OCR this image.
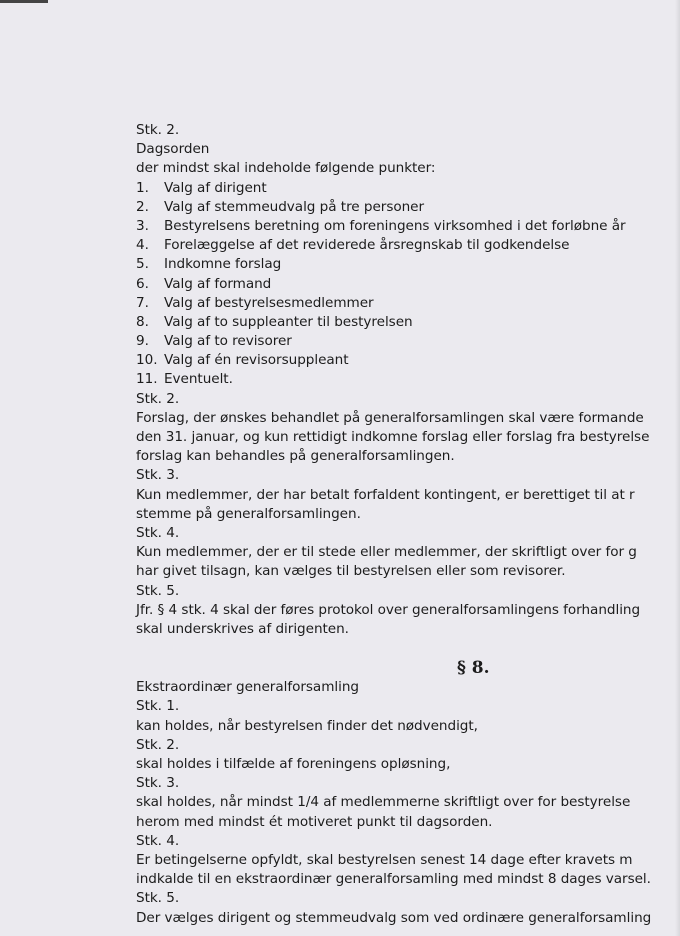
Stk. 2.
Dagsorden
der mindst skal indeholde følgende punkter:
1. Valg af dirigent
2. Valg af stemmeudvalg på tre personer
3. Bestyrelsens beretning om foreningens virksomhed i det forløbne år
4. Forelæggelse af det reviderede årsregnskab til godkendelse
5. Indkomne forslag
6. Valg af formand
7. Valg af bestyrelsesmedlemmer
8. Valg af to suppleanter til bestyrelsen
9. Valg af to revisorer
10. Valg af én revisorsuppleant
11. Eventuelt.
Stk. 2.
Forslag, der ønskes behandlet på generalforsamlingen skal være formande
den 31. januar, og kun rettidigt indkomne forslag eller forslag fra bestyrelse
forslag kan behandles på generalforsamlingen.
Stk. 3.
Kun medlemmer, der har betalt forfaldent kontingent, er berettiget til at r
stemme på generalforsamlingen.
Stk. 4.
Kun medlemmer, der er til stede eller medlemmer, der skriftligt over for g
har givet tilsagn, kan vælges til bestyrelsen eller som revisorer.
Stk. 5.
Jfr. § 4 stk. 4 skal der føres protokol over generalforsamlingens forhandling
skal underskrives af dirigenten.
§ 8.
Ekstraordinær generalforsamling
Stk. 1.
kan holdes, når bestyrelsen finder det nødvendigt,
Stk. 2.
skal holdes i tilfælde af foreningens opløsning,
Stk. 3.
skal holdes, når mindst 1/4 af medlemmerne skriftligt over for bestyrelse
herom med mindst ét motiveret punkt til dagsorden.
Stk. 4.
Er betingelserne opfyldt, skal bestyrelsen senest 14 dage efter kravets m
indkalde til en ekstraordinær generalforsamling med mindst 8 dages varsel.
Stk. 5.
Der vælges dirigent og stemmeudvalg som ved ordinære generalforsamling
